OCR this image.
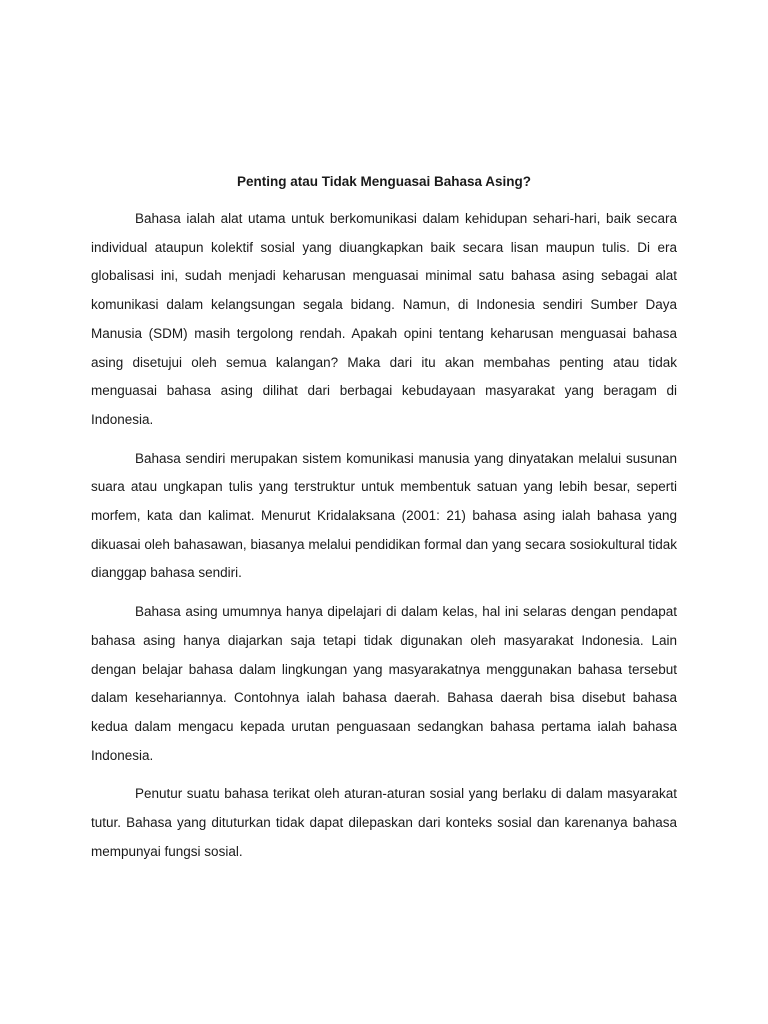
Penting atau Tidak Menguasai Bahasa Asing?

Bahasa ialah alat utama untuk berkomunikasi dalam kehidupan sehari-hari, baik secara individual ataupun kolektif sosial yang diuangkapkan baik secara lisan maupun tulis. Di era globalisasi ini, sudah menjadi keharusan menguasai minimal satu bahasa asing sebagai alat komunikasi dalam kelangsungan segala bidang. Namun, di Indonesia sendiri Sumber Daya Manusia (SDM) masih tergolong rendah. Apakah opini tentang keharusan menguasai bahasa asing disetujui oleh semua kalangan? Maka dari itu akan membahas penting atau tidak menguasai bahasa asing dilihat dari berbagai kebudayaan masyarakat yang beragam di Indonesia.

Bahasa sendiri merupakan sistem komunikasi manusia yang dinyatakan melalui susunan suara atau ungkapan tulis yang terstruktur untuk membentuk satuan yang lebih besar, seperti morfem, kata dan kalimat. Menurut Kridalaksana (2001: 21) bahasa asing ialah bahasa yang dikuasai oleh bahasawan, biasanya melalui pendidikan formal dan yang secara sosiokultural tidak dianggap bahasa sendiri.

Bahasa asing umumnya hanya dipelajari di dalam kelas, hal ini selaras dengan pendapat bahasa asing hanya diajarkan saja tetapi tidak digunakan oleh masyarakat Indonesia. Lain dengan belajar bahasa dalam lingkungan yang masyarakatnya menggunakan bahasa tersebut dalam kesehariannya. Contohnya ialah bahasa daerah. Bahasa daerah bisa disebut bahasa kedua dalam mengacu kepada urutan penguasaan sedangkan bahasa pertama ialah bahasa Indonesia.

Penutur suatu bahasa terikat oleh aturan-aturan sosial yang berlaku di dalam masyarakat tutur. Bahasa yang dituturkan tidak dapat dilepaskan dari konteks sosial dan karenanya bahasa mempunyai fungsi sosial.
